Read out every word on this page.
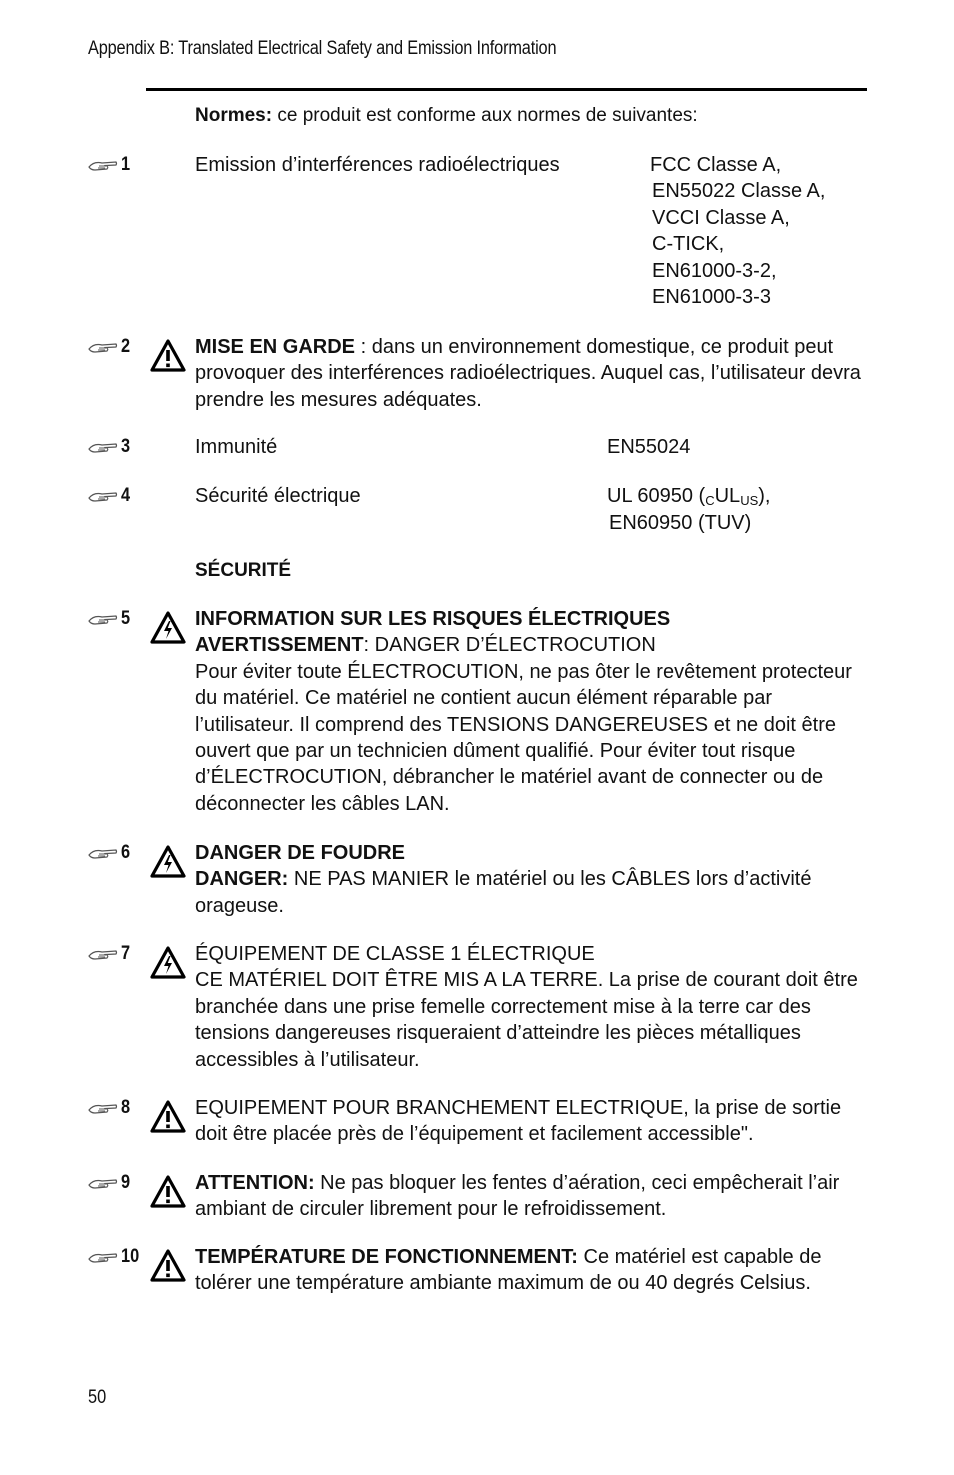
Appendix B: Translated Electrical Safety and Emission Information
Normes: ce produit est conforme aux normes de suivantes:
1	Emission d’interférences radioélectriques	FCC Classe A,
EN55022 Classe A,
VCCI Classe A,
C-TICK,
EN61000-3-2,
EN61000-3-3
2	MISE EN GARDE : dans un environnement domestique, ce produit peut provoquer des interférences radioélectriques. Auquel cas, l’utilisateur devra prendre les mesures adéquates.
3	Immunité	EN55024
4	Sécurité électrique	UL 60950 $(_CUL_{US})$,
EN60950 (TUV)
SÉCURITÉ
5	INFORMATION SUR LES RISQUES ÉLECTRIQUES
AVERTISSEMENT: DANGER D’ÉLECTROCUTION
Pour éviter toute ÉLECTROCUTION, ne pas ôter le revêtement protecteur du matériel. Ce matériel ne contient aucun élément réparable par l’utilisateur. Il comprend des TENSIONS DANGEREUSES et ne doit être ouvert que par un technicien dûment qualifié. Pour éviter tout risque d’ÉLECTROCUTION, débrancher le matériel avant de connecter ou de déconnecter les câbles LAN.
6	DANGER DE FOUDRE
DANGER: NE PAS MANIER le matériel ou les CÂBLES lors d’activité orageuse.
7	ÉQUIPEMENT DE CLASSE 1 ÉLECTRIQUE
CE MATÉRIEL DOIT ÊTRE MIS A LA TERRE. La prise de courant doit être branchée dans une prise femelle correctement mise à la terre car des tensions dangereuses risqueraient d’atteindre les pièces métalliques accessibles à l’utilisateur.
8	EQUIPEMENT POUR BRANCHEMENT ELECTRIQUE, la prise de sortie doit être placée près de l’équipement et facilement accessible".
9	ATTENTION: Ne pas bloquer les fentes d’aération, ceci empêcherait l’air ambiant de circuler librement pour le refroidissement.
10	TEMPÉRATURE DE FONCTIONNEMENT: Ce matériel est capable de tolérer une température ambiante maximum de ou 40 degrés Celsius.
50
